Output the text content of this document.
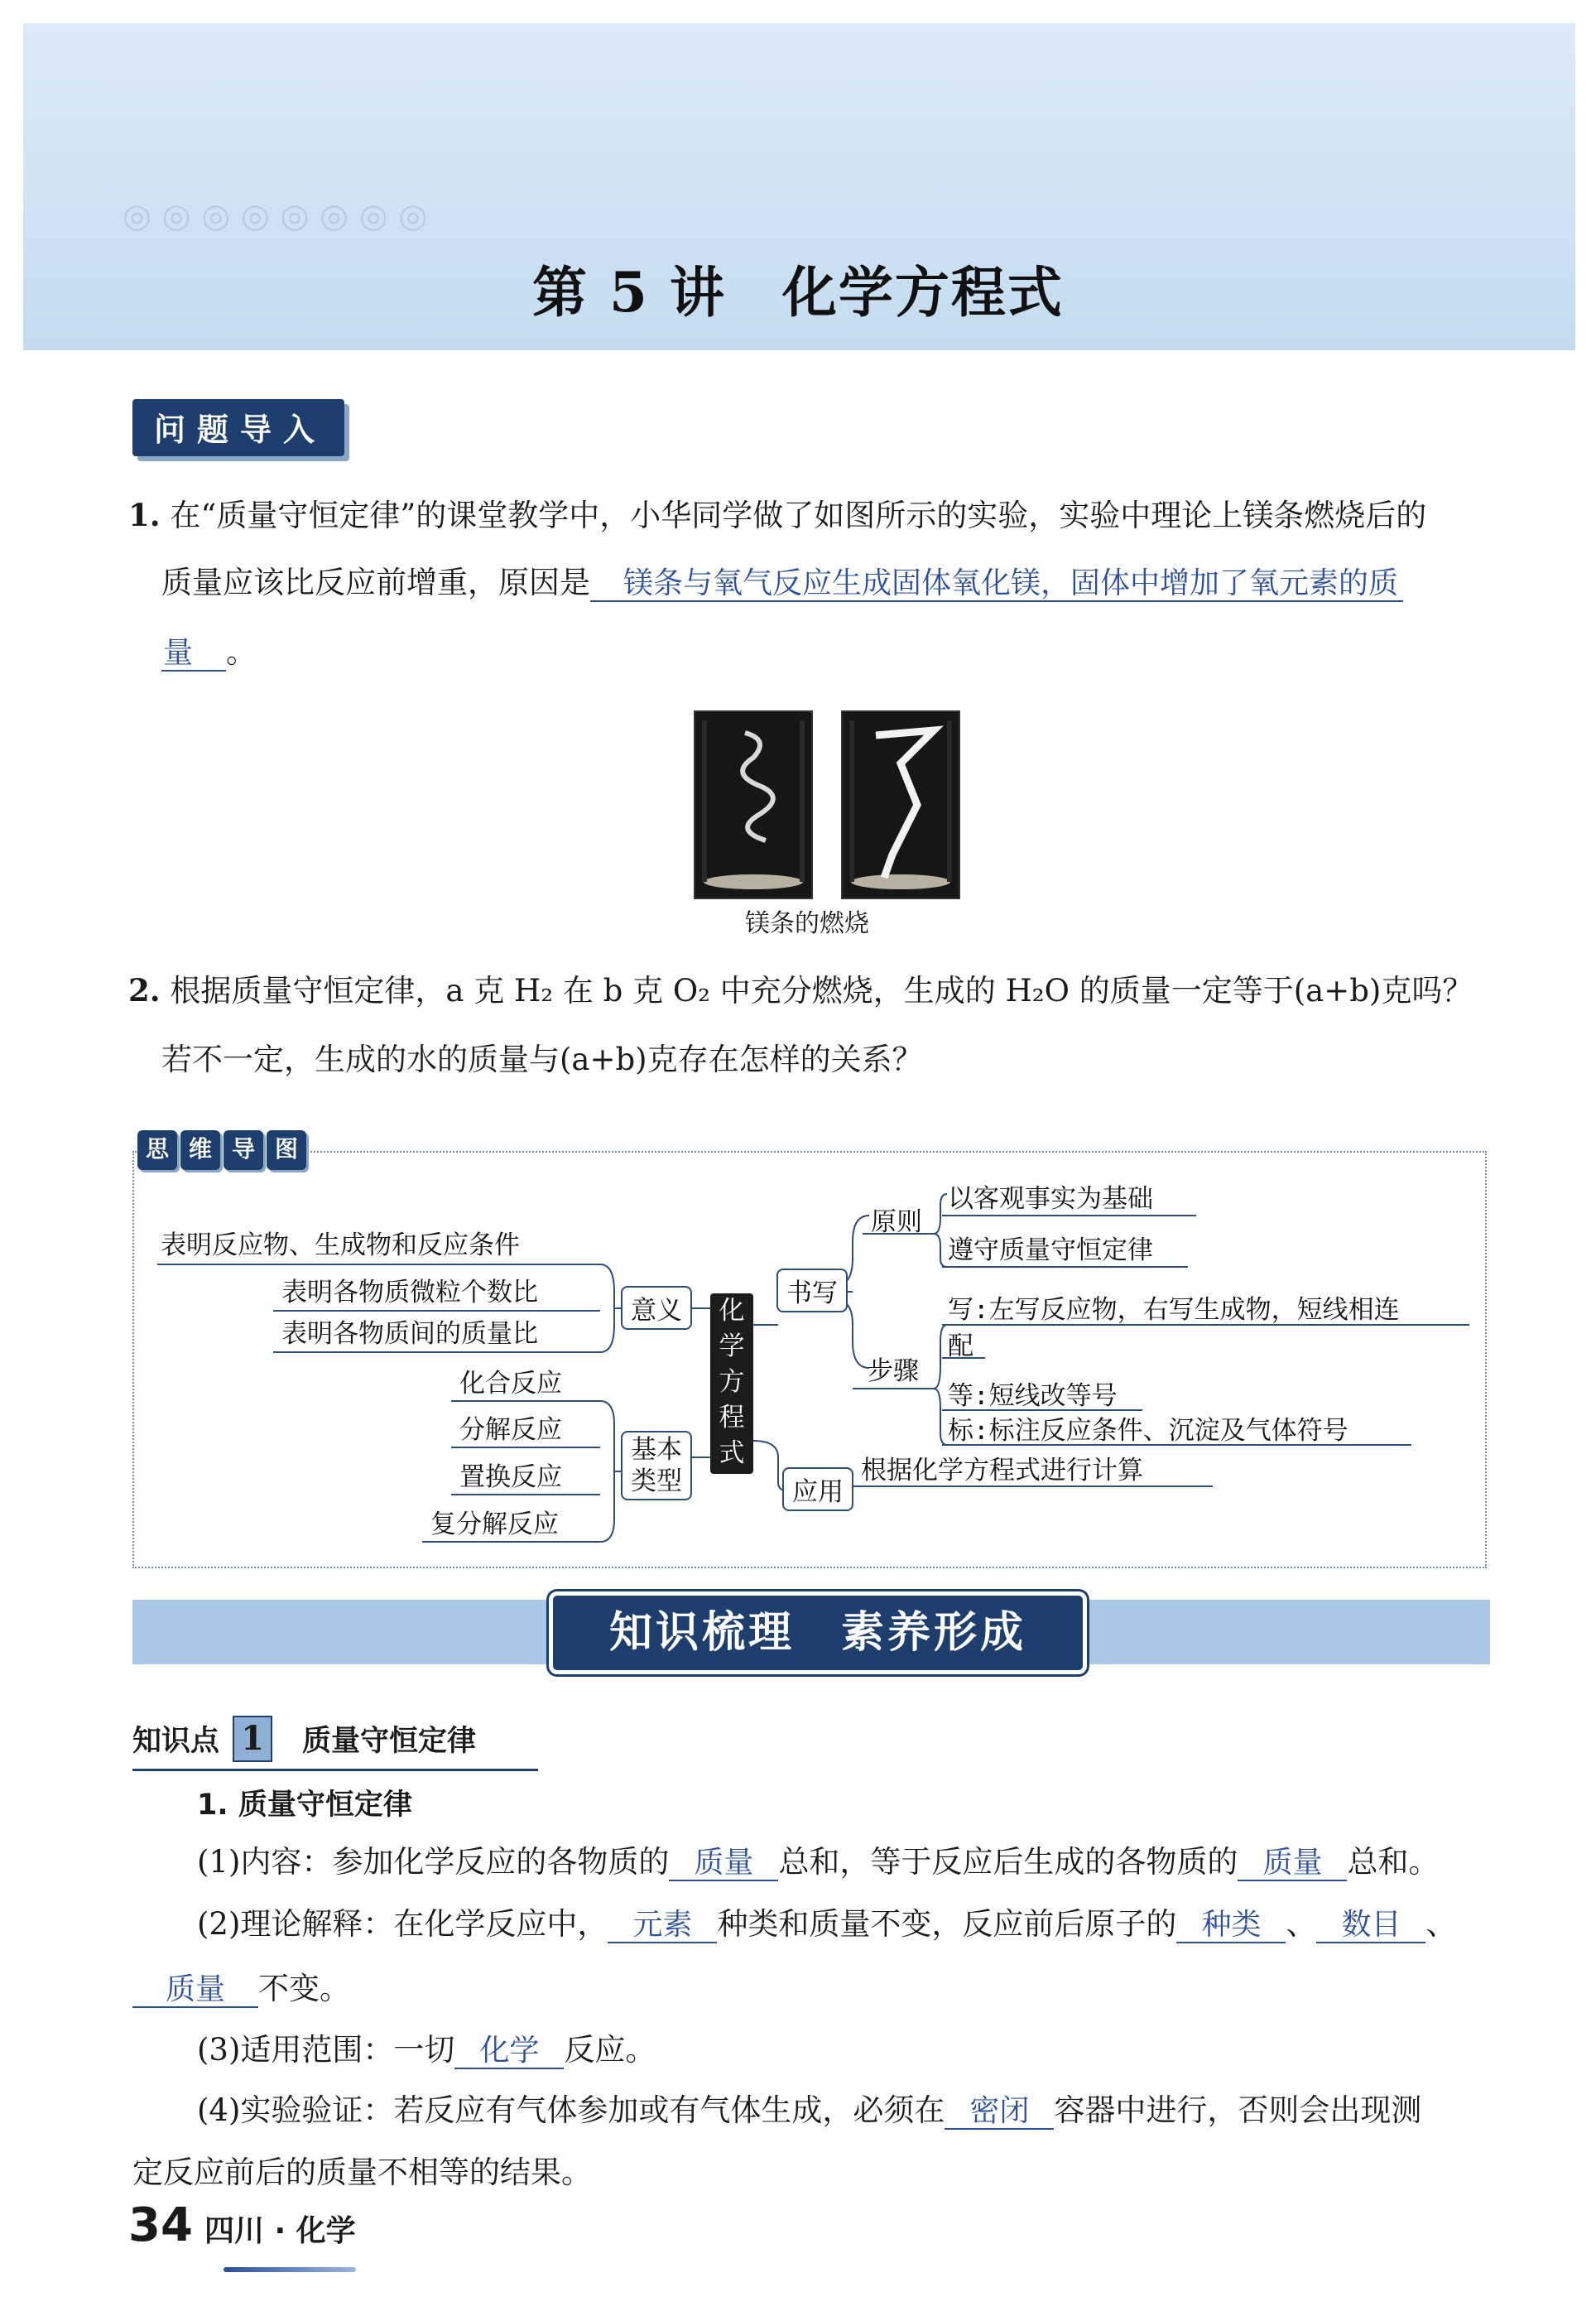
◎ ◎ ◎ ◎ ◎ ◎ ◎ ◎
第 5 讲　化学方程式
问题导入
1. 在“质量守恒定律”的课堂教学中，小华同学做了如图所示的实验，实验中理论上镁条燃烧后的
质量应该比反应前增重，原因是 镁条与氧气反应生成固体氧化镁，固体中增加了氧元素的质
量 。
镁条的燃烧
2. 根据质量守恒定律，a 克 H₂ 在 b 克 O₂ 中充分燃烧，生成的 H₂O 的质量一定等于(a+b)克吗？
若不一定，生成的水的质量与(a+b)克存在怎样的关系？
思 维 导 图
化学方程式
表明反应物、生成物和反应条件
表明各物质微粒个数比
表明各物质间的质量比
意义
化合反应
分解反应
置换反应
复分解反应
基本
类型
书写
原则
以客观事实为基础
遵守质量守恒定律
步骤
写:左写反应物，右写生成物，短线相连
配
等:短线改等号
标:标注反应条件、沉淀及气体符号
应用
根据化学方程式进行计算
知识梳理　素养形成
知识点 1 质量守恒定律
1. 质量守恒定律
(1)内容：参加化学反应的各物质的 质量 总和，等于反应后生成的各物质的 质量 总和。
(2)理论解释：在化学反应中， 元素 种类和质量不变，反应前后原子的 种类 、 数目 、
质量 不变。
(3)适用范围：一切 化学 反应。
(4)实验验证：若反应有气体参加或有气体生成，必须在 密闭 容器中进行，否则会出现测
定反应前后的质量不相等的结果。
34 四川 · 化学
